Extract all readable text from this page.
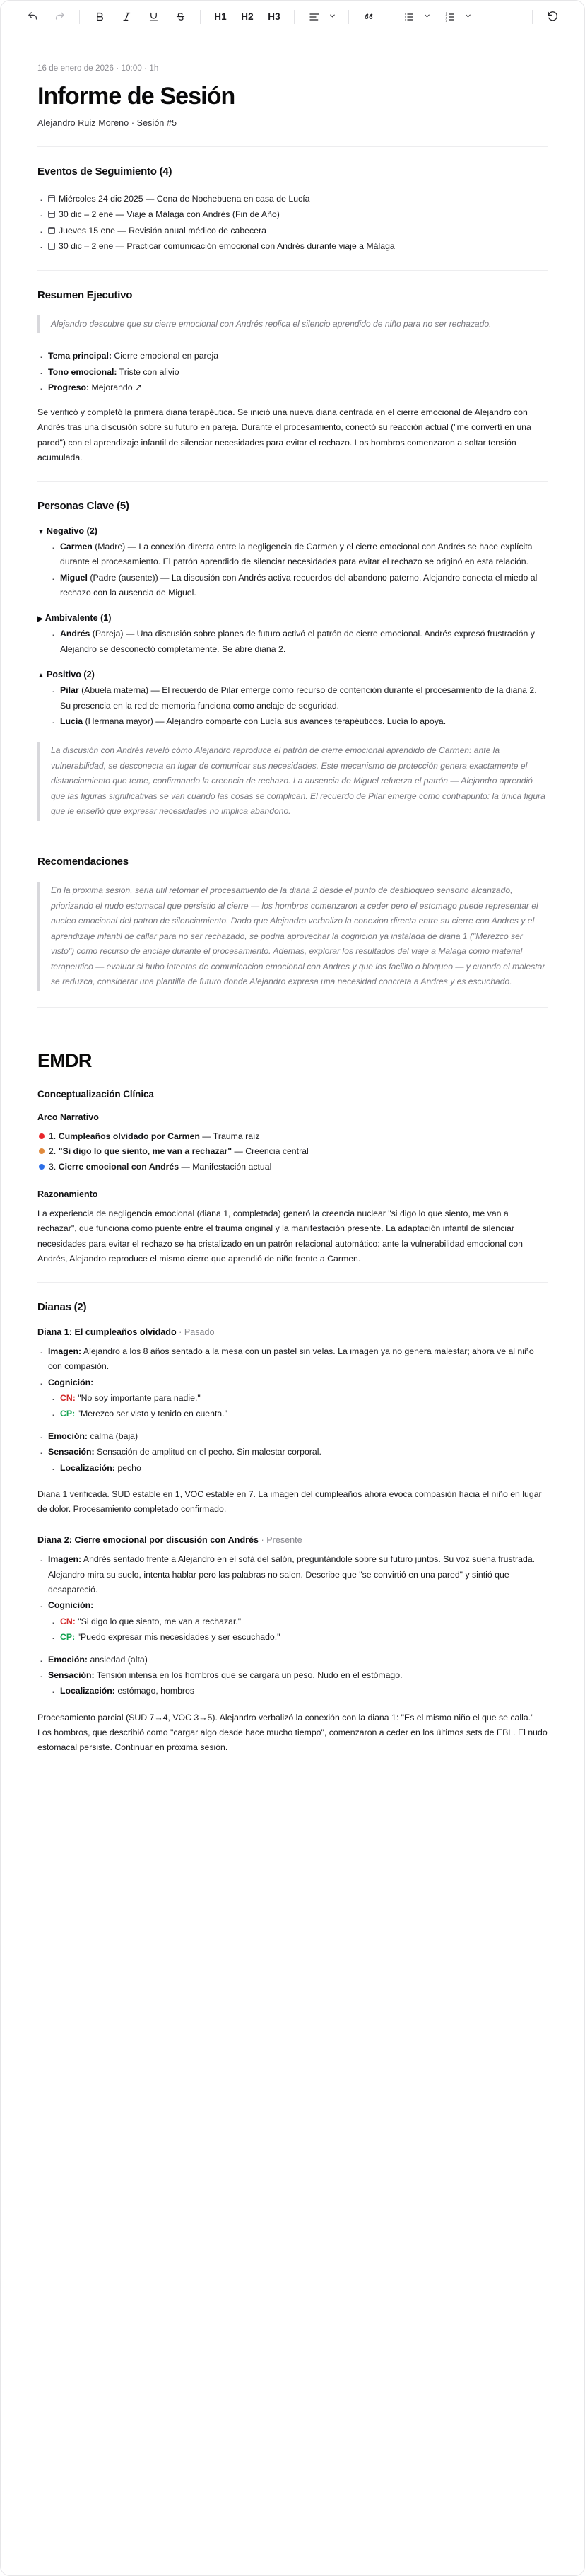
H1 H2 H3	1
2
3
16 de enero de 2026 · 10:00 · 1h
Informe de Sesión
Alejandro Ruiz Moreno · Sesión #5
Eventos de Seguimiento (4)
· Miércoles 24 dic 2025 — Cena de Nochebuena en casa de Lucía
· 30 dic – 2 ene — Viaje a Málaga con Andrés (Fin de Año)
· Jueves 15 ene — Revisión anual médico de cabecera
· 30 dic – 2 ene — Practicar comunicación emocional con Andrés durante viaje a Málaga
Resumen Ejecutivo
Alejandro descubre que su cierre emocional con Andrés replica el silencio aprendido de niño para no ser rechazado.
· Tema principal: Cierre emocional en pareja
· Tono emocional: Triste con alivio
· Progreso: Mejorando ↗

Se verificó y completó la primera diana terapéutica. Se inició una nueva diana centrada en el cierre emocional de Alejandro con Andrés tras una discusión sobre su futuro en pareja. Durante el procesamiento, conectó su reacción actual ("me convertí en una pared") con el aprendizaje infantil de silenciar necesidades para evitar el rechazo. Los hombros comenzaron a soltar tensión acumulada.

Personas Clave (5)
▼ Negativo (2)
· Carmen (Madre) — La conexión directa entre la negligencia de Carmen y el cierre emocional con Andrés se hace explícita durante el procesamiento. El patrón aprendido de silenciar necesidades para evitar el rechazo se originó en esta relación.
· Miguel (Padre (ausente)) — La discusión con Andrés activa recuerdos del abandono paterno. Alejandro conecta el miedo al rechazo con la ausencia de Miguel.
▶ Ambivalente (1)
· Andrés (Pareja) — Una discusión sobre planes de futuro activó el patrón de cierre emocional. Andrés expresó frustración y Alejandro se desconectó completamente. Se abre diana 2.
▲ Positivo (2)
· Pilar (Abuela materna) — El recuerdo de Pilar emerge como recurso de contención durante el procesamiento de la diana 2. Su presencia en la red de memoria funciona como anclaje de seguridad.
· Lucía (Hermana mayor) — Alejandro comparte con Lucía sus avances terapéuticos. Lucía lo apoya.
La discusión con Andrés reveló cómo Alejandro reproduce el patrón de cierre emocional aprendido de Carmen: ante la vulnerabilidad, se desconecta en lugar de comunicar sus necesidades. Este mecanismo de protección genera exactamente el distanciamiento que teme, confirmando la creencia de rechazo. La ausencia de Miguel refuerza el patrón — Alejandro aprendió que las figuras significativas se van cuando las cosas se complican. El recuerdo de Pilar emerge como contrapunto: la única figura que le enseñó que expresar necesidades no implica abandono.
Recomendaciones
En la proxima sesion, seria util retomar el procesamiento de la diana 2 desde el punto de desbloqueo sensorio alcanzado, priorizando el nudo estomacal que persistio al cierre — los hombros comenzaron a ceder pero el estomago puede representar el nucleo emocional del patron de silenciamiento. Dado que Alejandro verbalizo la conexion directa entre su cierre con Andres y el aprendizaje infantil de callar para no ser rechazado, se podria aprovechar la cognicion ya instalada de diana 1 ("Merezco ser visto") como recurso de anclaje durante el procesamiento. Ademas, explorar los resultados del viaje a Malaga como material terapeutico — evaluar si hubo intentos de comunicacion emocional con Andres y que los facilito o bloqueo — y cuando el malestar se reduzca, considerar una plantilla de futuro donde Alejandro expresa una necesidad concreta a Andres y es escuchado.
EMDR
Conceptualización Clínica
Arco Narrativo
1. Cumpleaños olvidado por Carmen — Trauma raíz
2. "Si digo lo que siento, me van a rechazar" — Creencia central
3. Cierre emocional con Andrés — Manifestación actual
Razonamiento

La experiencia de negligencia emocional (diana 1, completada) generó la creencia nuclear "si digo lo que siento, me van a rechazar", que funciona como puente entre el trauma original y la manifestación presente. La adaptación infantil de silenciar necesidades para evitar el rechazo se ha cristalizado en un patrón relacional automático: ante la vulnerabilidad emocional con Andrés, Alejandro reproduce el mismo cierre que aprendió de niño frente a Carmen.

Dianas (2)
Diana 1: El cumpleaños olvidado · Pasado
· Imagen: Alejandro a los 8 años sentado a la mesa con un pastel sin velas. La imagen ya no genera malestar; ahora ve al niño con compasión.
· Cognición:
· CN: "No soy importante para nadie."
· CP: "Merezco ser visto y tenido en cuenta."
· Emoción: calma (baja)
· Sensación: Sensación de amplitud en el pecho. Sin malestar corporal.
· Localización: pecho

Diana 1 verificada. SUD estable en 1, VOC estable en 7. La imagen del cumpleaños ahora evoca compasión hacia el niño en lugar de dolor. Procesamiento completado confirmado.

Diana 2: Cierre emocional por discusión con Andrés · Presente
· Imagen: Andrés sentado frente a Alejandro en el sofá del salón, preguntándole sobre su futuro juntos. Su voz suena frustrada. Alejandro mira su suelo, intenta hablar pero las palabras no salen. Describe que "se convirtió en una pared" y sintió que desapareció.
· Cognición:
· CN: "Si digo lo que siento, me van a rechazar."
· CP: "Puedo expresar mis necesidades y ser escuchado."
· Emoción: ansiedad (alta)
· Sensación: Tensión intensa en los hombros que se cargara un peso. Nudo en el estómago.
· Localización: estómago, hombros

Procesamiento parcial (SUD 7→4, VOC 3→5). Alejandro verbalizó la conexión con la diana 1: "Es el mismo niño el que se calla." Los hombros, que describió como "cargar algo desde hace mucho tiempo", comenzaron a ceder en los últimos sets de EBL. El nudo estomacal persiste. Continuar en próxima sesión.
